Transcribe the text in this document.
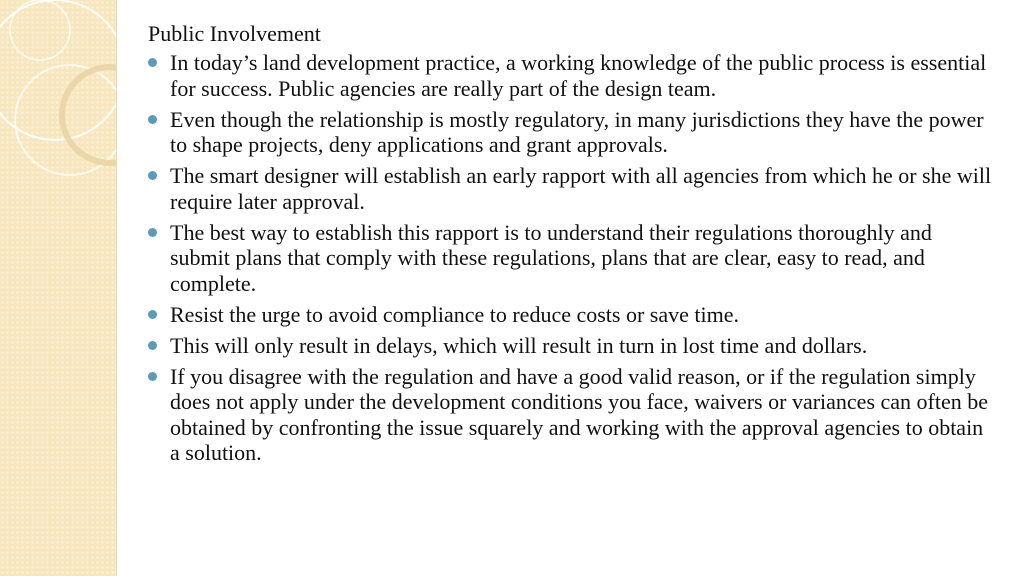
Public Involvement
In today’s land development practice, a working knowledge of the public process is essential for success. Public agencies are really part of the design team.
Even though the relationship is mostly regulatory, in many jurisdictions they have the power to shape projects, deny applications and grant approvals.
The smart designer will establish an early rapport with all agencies from which he or she will require later approval.
The best way to establish this rapport is to understand their regulations thoroughly and submit plans that comply with these regulations, plans that are clear, easy to read, and complete.
Resist the urge to avoid compliance to reduce costs or save time.
This will only result in delays, which will result in turn in lost time and dollars.
If you disagree with the regulation and have a good valid reason, or if the regulation simply does not apply under the development conditions you face, waivers or variances can often be obtained by confronting the issue squarely and working with the approval agencies to obtain a solution.
